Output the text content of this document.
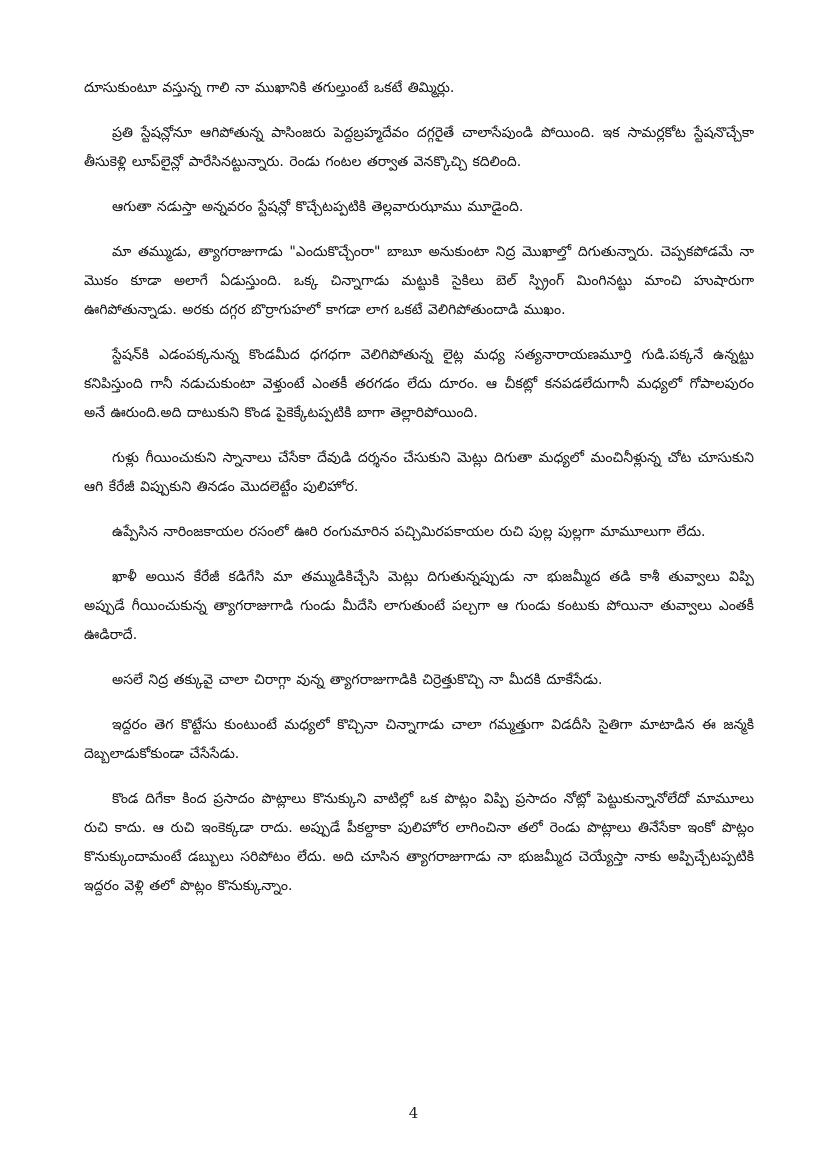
దూసుకుంటూ వస్తున్న గాలి నా ముఖానికి తగుల్తుంటే ఒకటే తిమ్మిర్లు.

ప్రతి స్టేషన్లోనూ ఆగిపోతున్న పాసింజరు పెద్దబ్రహ్మదేవం దగ్గరైతే చాలాసేపుండి పోయింది. ఇక సామర్లకోట స్టేషనొచ్చేకా తీసుకెళ్లి లూప్‌లైన్లో పారేసినట్టున్నారు. రెండు గంటల తర్వాత వెనక్కొచ్చి కదిలింది.

ఆగుతా నడుస్తా అన్నవరం స్టేషన్లో కొచ్చేటప్పటికి తెల్లవారుఝాము మూడైంది.

మా తమ్ముడు, త్యాగరాజుగాడు "ఎందుకొచ్చేంరా" బాబూ అనుకుంటా నిద్ర మొఖాల్తో దిగుతున్నారు. చెప్పకపోడమే నా మొకం కూడా అలాగే ఏడుస్తుంది. ఒక్క చిన్నాగాడు మట్టుకి సైకిలు బెల్ స్ప్రింగ్ మింగినట్టు మాంచి హుషారుగా ఊగిపోతున్నాడు. అరకు దగ్గర బొర్రాగుహలో కాగడా లాగ ఒకటే వెలిగిపోతుందాడి ముఖం.

స్టేషన్‌కి ఎడంపక్కనున్న కొండమీద ధగధగా వెలిగిపోతున్న లైట్ల మధ్య సత్యనారాయణమూర్తి గుడి.పక్కనే ఉన్నట్టు కనిపిస్తుంది గానీ నడుచుకుంటా వెళ్తుంటే ఎంతకీ తరగడం లేదు దూరం. ఆ చీకట్లో కనపడలేదుగానీ మధ్యలో గోపాలపురం అనే ఊరుంది.అది దాటుకుని కొండ పైకెక్కేటప్పటికి బాగా తెల్లారిపోయింది.

గుళ్లు గీయించుకుని స్నానాలు చేసేకా దేవుడి దర్శనం చేసుకుని మెట్లు దిగుతా మధ్యలో మంచినీళ్లున్న చోట చూసుకుని ఆగి కేరేజీ విప్పుకుని తినడం మొదలెట్టేం పులిహోర.

ఉప్పేసిన నారింజకాయల రసంలో ఊరి రంగుమారిన పచ్చిమిరపకాయల రుచి పుల్ల పుల్లగా మామూలుగా లేదు.

ఖాళీ అయిన కేరేజీ కడిగేసి మా తమ్ముడికిచ్చేసి మెట్లు దిగుతున్నప్పుడు నా భుజమ్మీద తడి కాశీ తువ్వాలు విప్పి అప్పుడే గీయించుకున్న త్యాగరాజుగాడి గుండు మీదేసి లాగుతుంటే పల్చగా ఆ గుండు కంటుకు పోయినా తువ్వాలు ఎంతకీ ఊడిరాదే.

అసలే నిద్ర తక్కువై చాలా చిరాగ్గా వున్న త్యాగరాజుగాడికి చిర్రెత్తుకొచ్చి నా మీదకి దూకేసేడు.

ఇద్దరం తెగ కొట్టేసు కుంటుంటే మధ్యలో కొచ్చినా చిన్నాగాడు చాలా గమ్మత్తుగా విడదీసి సైతిగా మాటాడిన ఈ జన్మకి దెబ్బలాడుకోకుండా చేసేసేడు.

కొండ దిగేకా కింద ప్రసాదం పొట్లాలు కొనుక్కుని వాటిల్లో ఒక పొట్లం విప్పి ప్రసాదం నోట్లో పెట్టుకున్నానోలేదో మామూలు రుచి కాదు. ఆ రుచి ఇంకెక్కడా రాదు. అప్పుడే పీకల్దాకా పులిహోర లాగించినా తలో రెండు పొట్లాలు తినేసేకా ఇంకో పొట్లం కొనుక్కుందామంటే డబ్బులు సరిపోటం లేదు. అది చూసిన త్యాగరాజుగాడు నా భుజమ్మీద చెయ్యేస్తా నాకు అప్పిచ్చేటప్పటికి ఇద్దరం వెళ్లి తలో పొట్లం కొనుక్కున్నాం.

4
